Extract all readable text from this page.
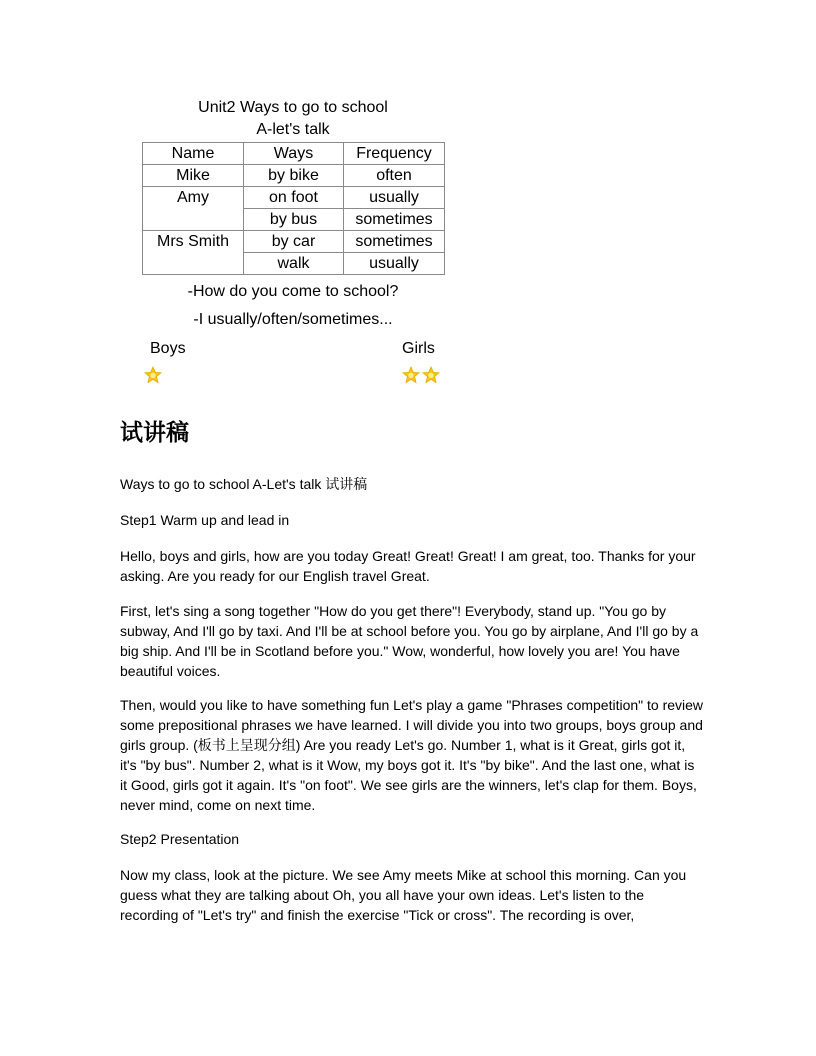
Unit2 Ways to go to school
A-let's talk
Name	Ways	Frequency
Mike	by bike	often
Amy	on foot	usually
	by bus	sometimes
Mrs Smith	by car	sometimes
	walk	usually
-How do you come to school?
-I usually/often/sometimes...
Boys	Girls
试讲稿

Ways to go to school A-Let's talk 试讲稿

Step1 Warm up and lead in

Hello, boys and girls, how are you today Great! Great! Great! I am great, too. Thanks for your asking. Are you ready for our English travel Great.

First, let's sing a song together "How do you get there"! Everybody, stand up. "You go by subway, And I'll go by taxi. And I'll be at school before you. You go by airplane, And I'll go by a big ship. And I'll be in Scotland before you." Wow, wonderful, how lovely you are! You have beautiful voices.

Then, would you like to have something fun Let's play a game "Phrases competition" to review some prepositional phrases we have learned. I will divide you into two groups, boys group and girls group. (板书上呈现分组) Are you ready Let's go. Number 1, what is it Great, girls got it, it's "by bus". Number 2, what is it Wow, my boys got it. It's "by bike". And the last one, what is it Good, girls got it again. It's "on foot". We see girls are the winners, let's clap for them. Boys, never mind, come on next time.

Step2 Presentation

Now my class, look at the picture. We see Amy meets Mike at school this morning. Can you guess what they are talking about Oh, you all have your own ideas. Let's listen to the recording of "Let's try" and finish the exercise "Tick or cross". The recording is over,
